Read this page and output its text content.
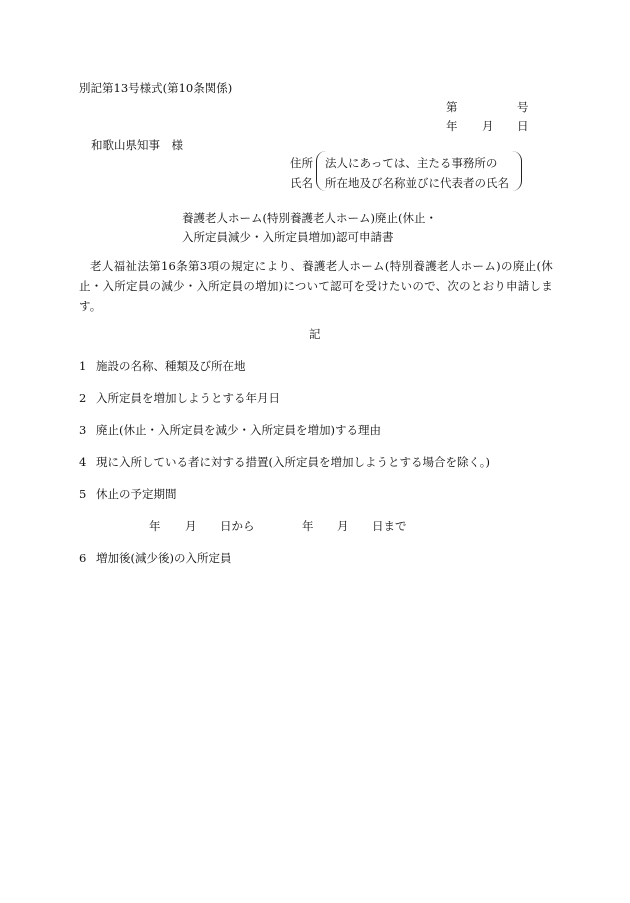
別記第13号様式(第10条関係)
第	号
年 月 日
和歌山県知事　様
住所
氏名
法人にあっては、主たる事務所の
所在地及び名称並びに代表者の氏名
養護老人ホーム(特別養護老人ホーム)廃止(休止・
入所定員減少・入所定員増加)認可申請書
老人福祉法第16条第3項の規定により、養護老人ホーム(特別養護老人ホーム)の廃止(休止・入所定員の減少・入所定員の増加)について認可を受けたいので、次のとおり申請します。
記
1 施設の名称、種類及び所在地
2 入所定員を増加しようとする年月日
3 廃止(休止・入所定員を減少・入所定員を増加)する理由
4 現に入所している者に対する措置(入所定員を増加しようとする場合を除く。)
5 休止の予定期間
年 月 日から	年 月 日まで
6 増加後(減少後)の入所定員
